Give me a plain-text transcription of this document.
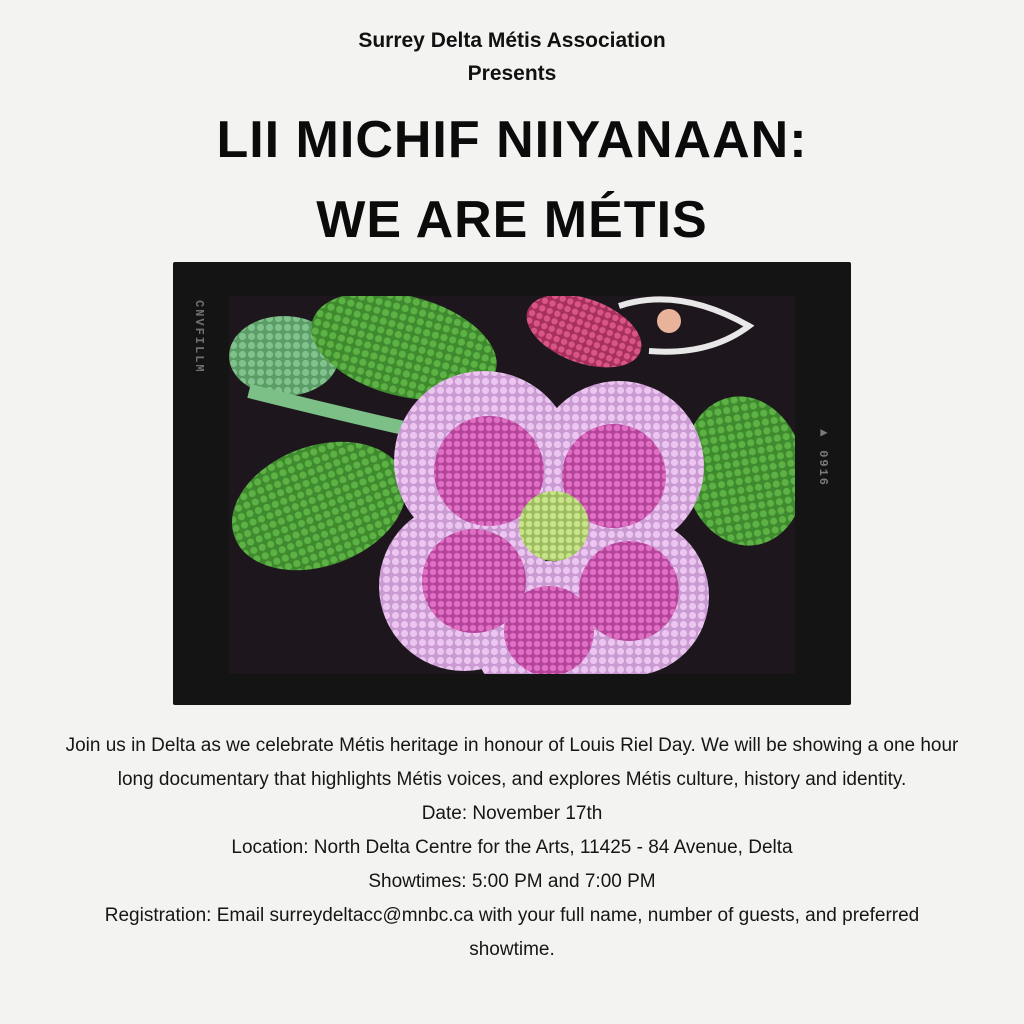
Surrey Delta Métis Association
Presents
LII MICHIF NIIYANAAN:
WE ARE MÉTIS
CNVFILLM
▶ 0916
Join us in Delta as we celebrate Métis heritage in honour of Louis Riel Day. We will be showing a one hour long documentary that highlights Métis voices, and explores Métis culture, history and identity.
Date: November 17th
Location: North Delta Centre for the Arts, 11425 - 84 Avenue, Delta
Showtimes: 5:00 PM and 7:00 PM
Registration: Email surreydeltacc@mnbc.ca with your full name, number of guests, and preferred showtime.
